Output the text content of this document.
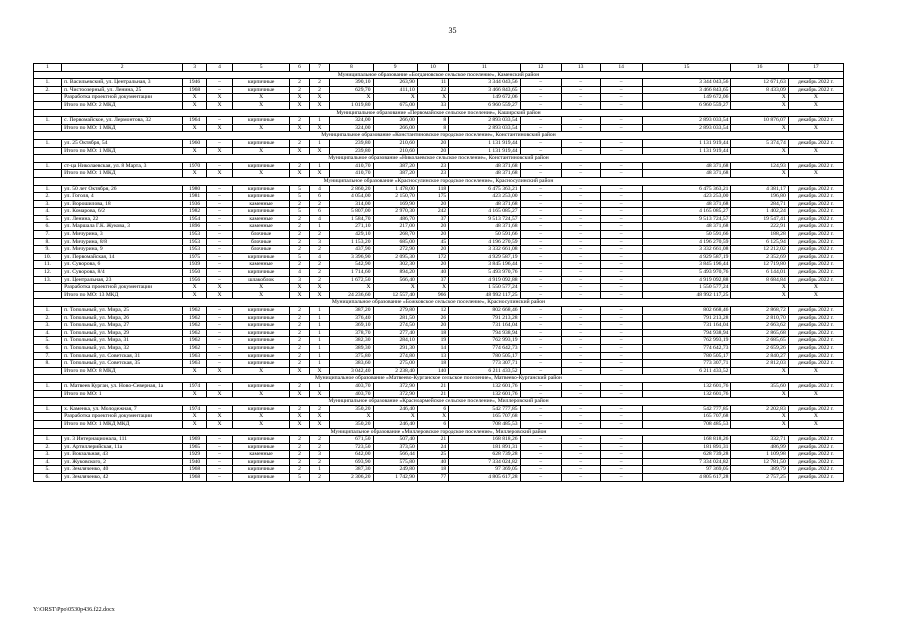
35
1	2	3	4	5	6	7	8	9	10	11	12	13	14	15	16	17
Муниципальное образование «Богдановское сельское поселение», Каменский район																
1.	п. Васильевский, ул. Центральная, 3	1946	–	кирпичные	2	2	390,10	263,90	11	3 344 043,56	–	–	–	3 344 043,56	12 671,63	декабрь 2022 г.
2.	п. Чистоозерный, ул. Ленина, 25	1968	–	кирпичные	2	2	629,70	411,10	22	3 466 843,65	–	–	–	3 466 843,65	8 433,09	декабрь 2022 г.
	Разработка проектной документации	X	X	X	X	X	X	X	X	149 672,06	–	–	–	149 672,06	X	X
	Итого по МО: 2 МКД	X	X	X	X	X	1 019,80	675,00	33	6 960 559,27	–	–	–	6 960 559,27	X	X
Муниципальное образование «Первомайское сельское поселение», Каширский район																
1.	с. Первомайское, ул. Лермонтова, 32	1964	–	кирпичные	2	1	324,00	266,00	8	2 893 033,54	–	–	–	2 893 033,54	10 876,07	декабрь 2022 г.
	Итого по МО: 1 МКД	X	X	X	X	X	324,00	266,00	8	2 893 033,54	–	–	–	2 893 033,54	X	X
Муниципальное образование «Константиновское городское поселение», Константиновский район																
1.	ул. 25 Октября, 54	1960	–	кирпичные	2	1	239,80	210,60	20	1 131 919,44	–	–	–	1 131 919,44	5 374,74	декабрь 2022 г.
	Итого по МО: 1 МКД	X	X	X	X	X	239,80	210,60	20	1 131 919,44	–	–	–	1 131 919,44	X	X
Муниципальное образование «Николаевское сельское поселение», Константиновский район																
1.	ст-ца Николаевская, ул. 8 Марта, 3	1970	–	кирпичные	2	1	410,70	387,20	23	48 371,68	–	–	–	48 371,68	124,93	декабрь 2022 г.
	Итого по МО: 1 МКД	X	X	X	X	X	410,70	387,20	23	48 371,68	–	–	–	48 371,68	X	X
Муниципальное образование «Красносулинское городское поселение», Красносулинский район																
1.	ул. 50 лет Октября, 26	1980	–	кирпичные	5	4	2 860,20	1 478,00	118	6 475 363,21	–	–	–	6 475 363,21	4 381,17	декабрь 2022 г.
2.	ул. Гоголя, 4	1981	–	кирпичные	5	6	4 054,00	2 150,70	175	423 253,00	–	–	–	423 253,00	196,80	декабрь 2022 г.
3.	ул. Ворошилова, 18	1936	–	каменные	2	2	314,00	169,90	20	48 371,68	–	–	–	48 371,68	284,71	декабрь 2022 г.
4.	ул. Комарова, 6/2	1982	–	кирпичные	5	6	5 807,00	2 970,30	242	4 165 085,27	–	–	–	4 165 085,27	1 402,24	декабрь 2022 г.
5.	ул. Ленина, 22	1954	–	каменные	2	4	1 584,70	486,70	37	9 513 724,57	–	–	–	9 513 724,57	19 547,41	декабрь 2022 г.
6.	ул. Маршала Г.К. Жукова, 3	1896	–	каменные	2	1	271,10	217,00	20	48 371,68	–	–	–	48 371,68	222,91	декабрь 2022 г.
7.	ул. Мичурина, 3	1953	–	блочные	2	2	429,10	268,70	20	50 591,66	–	–	–	50 591,66	188,28	декабрь 2022 г.
8.	ул. Мичурина, 8/8	1953	–	блочные	2	3	1 153,20	685,00	45	4 196 270,59	–	–	–	4 196 270,59	6 125,94	декабрь 2022 г.
9.	ул. Мичурина, 9	1953	–	блочные	2	2	437,90	272,90	20	3 332 661,08	–	–	–	3 332 661,08	12 212,02	декабрь 2022 г.
10.	ул. Первомайская, 14	1975	–	кирпичные	5	4	3 396,90	2 095,30	172	4 929 587,19	–	–	–	4 929 587,19	2 352,69	декабрь 2022 г.
11.	ул. Суворова, 6	1939	–	каменные	2	2	542,90	302,30	20	3 845 196,44	–	–	–	3 845 196,44	12 719,80	декабрь 2022 г.
12.	ул. Суворова, 8/4	1950	–	кирпичные	4	2	1 714,60	894,20	40	5 493 970,76	–	–	–	5 493 970,76	6 144,01	декабрь 2022 г.
13.	ул. Центральная, 23	1956	–	шлакоблок	3	2	1 672,50	566,40	37	4 919 092,88	–	–	–	4 919 092,88	8 684,84	декабрь 2022 г.
	Разработка проектной документации	X	X	X	X	X	X	X	X	1 550 577,24	–	–	–	1 550 577,24	X	X
	Итого по МО: 13 МКД	X	X	X	X	X	24 236,60	12 557,40	966	48 992 117,25	–	–	–	48 992 117,25	X	X
Муниципальное образование «Божковское сельское поселение», Красносулинский район																
1.	п. Топольный, ул. Мира, 25	1962	–	кирпичные	2	1	387,20	279,80	12	802 668,46	–	–	–	802 668,46	2 868,72	декабрь 2022 г.
2.	п. Топольный, ул. Мира, 26	1962	–	кирпичные	2	1	376,40	281,50	26	791 213,28	–	–	–	791 213,28	2 810,70	декабрь 2022 г.
3.	п. Топольный, ул. Мира, 27	1962	–	кирпичные	2	1	369,10	274,50	20	731 164,04	–	–	–	731 164,04	2 663,62	декабрь 2022 г.
4.	п. Топольный, ул. Мира, 29	1962	–	кирпичные	2	1	378,70	277,40	18	794 938,94	–	–	–	794 938,94	2 865,68	декабрь 2022 г.
5.	п. Топольный, ул. Мира, 31	1962	–	кирпичные	2	1	382,30	284,10	19	762 993,19	–	–	–	762 993,19	2 685,65	декабрь 2022 г.
6.	п. Топольный, ул. Мира, 32	1962	–	кирпичные	2	1	389,30	291,30	14	774 642,73	–	–	–	774 642,73	2 659,26	декабрь 2022 г.
7.	п. Топольный, ул. Советская, 31	1963	–	кирпичные	2	1	375,80	274,80	13	780 505,17	–	–	–	780 505,17	2 840,27	декабрь 2022 г.
8.	п. Топольный, ул. Советская, 35	1963	–	кирпичные	2	1	383,60	275,00	18	773 307,71	–	–	–	773 307,71	2 812,03	декабрь 2022 г.
	Итого по МО: 8 МКД	X	X	X	X	X	3 042,40	2 238,40	140	6 211 433,52	–	–	–	6 211 433,52	X	X
Муниципальное образование «Матвеево-Курганское сельское поселение», Матвеево-Курганский район																
1.	п. Матвеев Курган, ул. Ново-Северная, 1а	1974	–	кирпичные	2	1	403,70	372,90	21	132 601,76	–	–	–	132 601,76	355,60	декабрь 2022 г.
	Итого по МО: 1	X	X	X	X	X	403,70	372,90	21	132 601,76	–	–	–	132 601,76	X	X
Муниципальное образование «Красноармейское сельское поселение», Миллеровский район																
1.	х. Каменка, ул. Молодежная, 7	1974	–	кирпичные	2	2	350,20	246,40	6	542 777,85	–	–	–	542 777,85	2 202,83	декабрь 2022 г.
	Разработка проектной документации	X	X	X	X	X	X	X	X	165 707,68	–	–	–	165 707,68	X	X
	Итого по МО: 1 МКД МКД	X	X	X	X	X	350,20	246,40	6	708 485,53	–	–	–	708 485,53	X	X
Муниципальное образование «Миллеровское городское поселение», Миллеровский район																
1.	ул. 3 Интернационала, 111	1969	–	кирпичные	2	2	671,50	507,40	21	168 818,26	–	–	–	168 818,26	332,71	декабрь 2022 г.
2.	ул. Артиллерийская, 11а	1965	–	кирпичные	2	2	723,50	373,50	24	181 891,31	–	–	–	181 891,31	486,99	декабрь 2022 г.
3.	ул. Вокзальная, 43	1929	–	каменные	2	3	642,00	566,44	25	628 739,28	–	–	–	628 739,28	1 109,98	декабрь 2022 г.
4.	ул. Жуковского, 2	1940	–	кирпичные	2	2	693,90	575,80	40	7 334 024,82	–	–	–	7 334 024,82	12 781,50	декабрь 2022 г.
5.	ул. Земляченко, 40	1968	–	кирпичные	2	1	387,30	249,80	18	97 369,05	–	–	–	97 369,05	389,79	декабрь 2022 г.
6.	ул. Земляченко, 42	1968	–	кирпичные	5	2	2 306,20	1 742,90	77	4 805 617,28	–	–	–	4 805 617,28	2 757,25	декабрь 2022 г.
Y:\ORST\Ppo\0530p436.f22.docx
